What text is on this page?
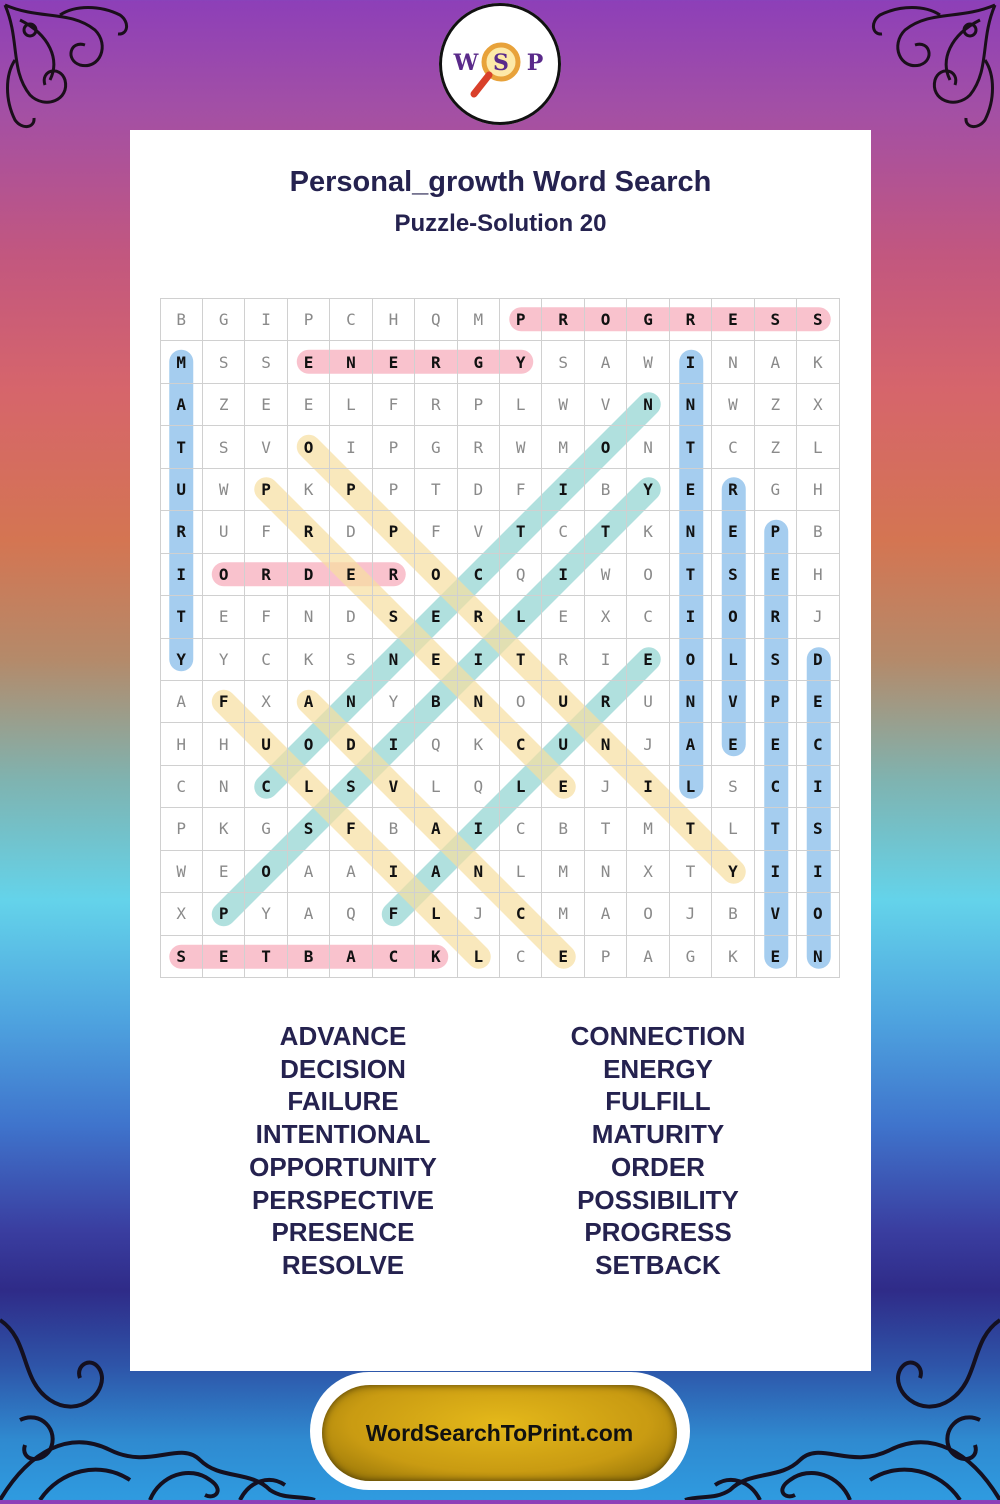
W S P
Personal_growth Word Search
Puzzle-Solution 20
B	G	I	P	C	H	Q	M	P	R	O	G	R	E	S	S
M	S	S	E	N	E	R	G	Y	S	A	W	I	N	A	K
A	Z	E	E	L	F	R	P	L	W	V	N	N	W	Z	X
T	S	V	O	I	P	G	R	W	M	O	N	T	C	Z	L
U	W	P	K	P	P	T	D	F	I	B	Y	E	R	G	H
R	U	F	R	D	P	F	V	T	C	T	K	N	E	P	B
I	O	R	D	E	R	O	C	Q	I	W	O	T	S	E	H
T	E	F	N	D	S	E	R	L	E	X	C	I	O	R	J
Y	Y	C	K	S	N	E	I	T	R	I	E	O	L	S	D
A	F	X	A	N	Y	B	N	O	U	R	U	N	V	P	E
H	H	U	O	D	I	Q	K	C	U	N	J	A	E	E	C
C	N	C	L	S	V	L	Q	L	E	J	I	L	S	C	I
P	K	G	S	F	B	A	I	C	B	T	M	T	L	T	S
W	E	O	A	A	I	A	N	L	M	N	X	T	Y	I	I
X	P	Y	A	Q	F	L	J	C	M	A	O	J	B	V	O
S	E	T	B	A	C	K	L	C	E	P	A	G	K	E	N
ADVANCE
DECISION
FAILURE
INTENTIONAL
OPPORTUNITY
PERSPECTIVE
PRESENCE
RESOLVE
CONNECTION
ENERGY
FULFILL
MATURITY
ORDER
POSSIBILITY
PROGRESS
SETBACK
WordSearchToPrint.com
